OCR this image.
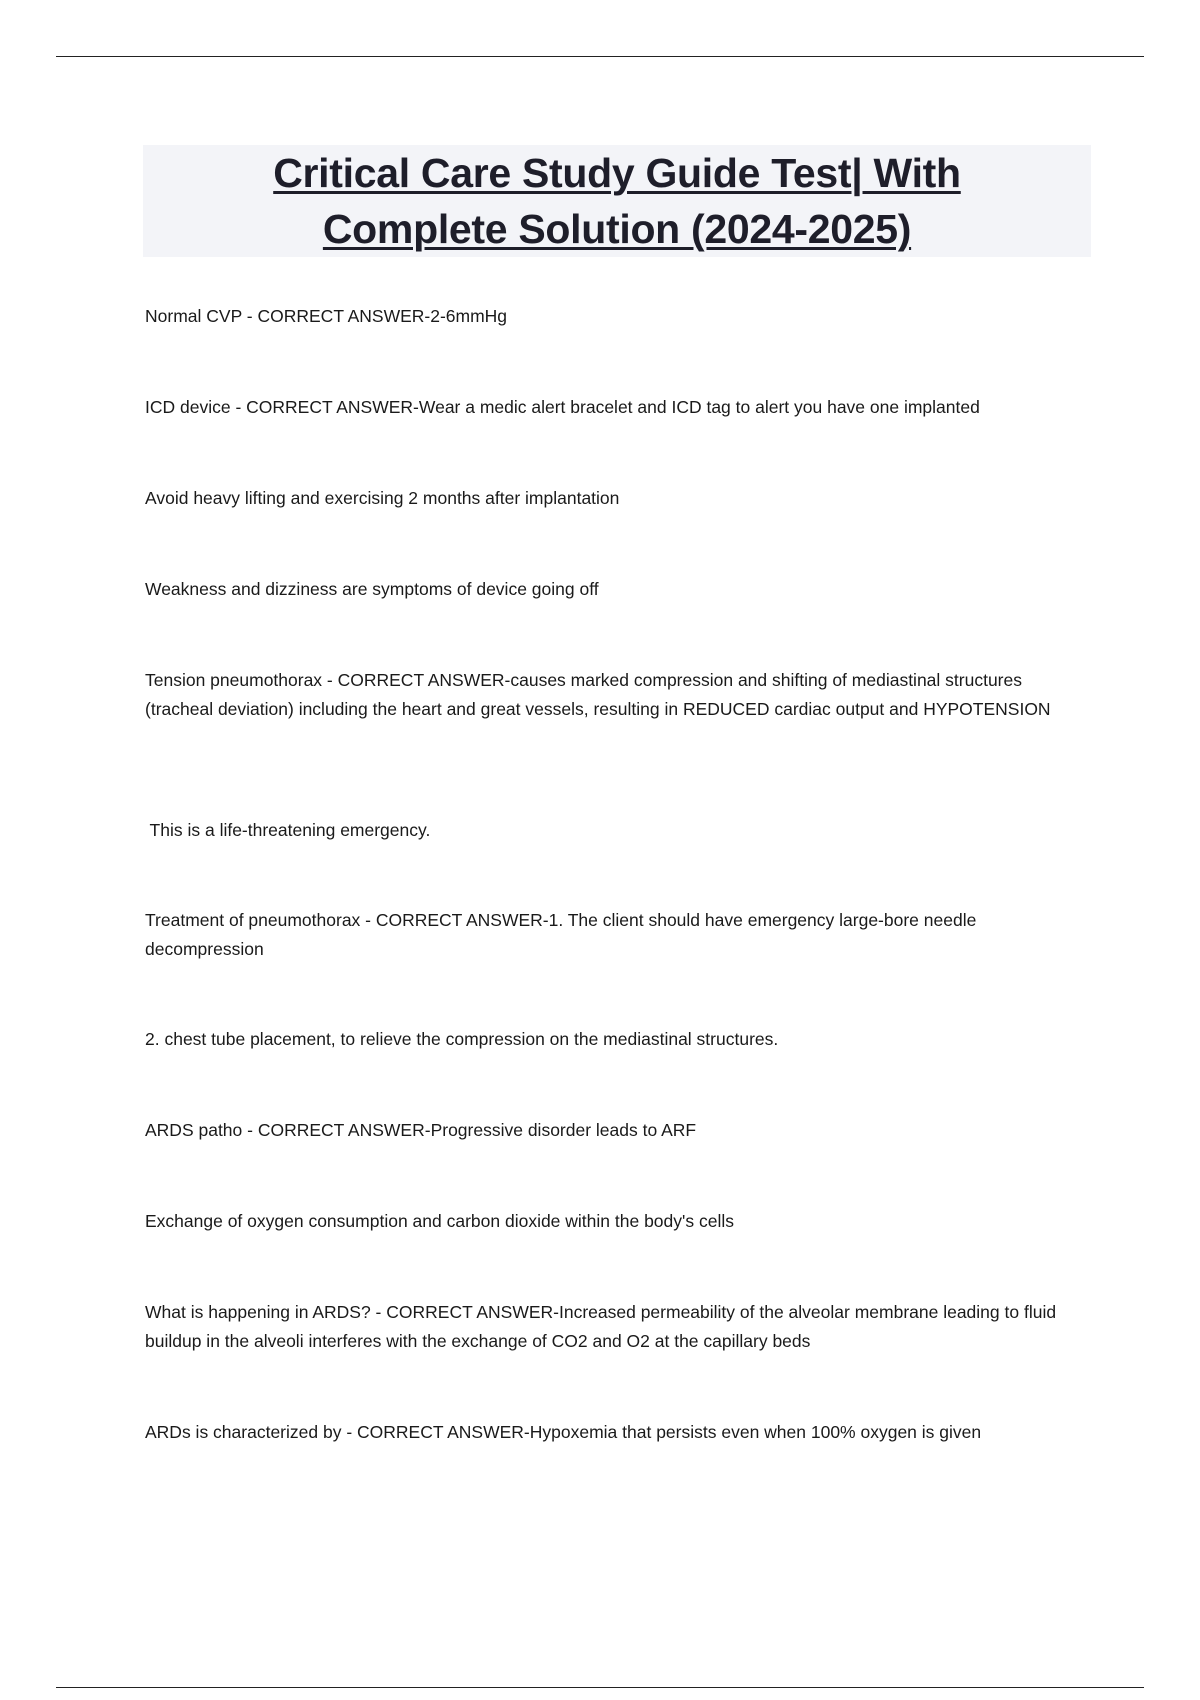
Critical Care Study Guide Test| With Complete Solution (2024-2025)

Normal CVP - CORRECT ANSWER-2-6mmHg

ICD device - CORRECT ANSWER-Wear a medic alert bracelet and ICD tag to alert you have one implanted

Avoid heavy lifting and exercising 2 months after implantation

Weakness and dizziness are symptoms of device going off

Tension pneumothorax - CORRECT ANSWER-causes marked compression and shifting of mediastinal structures (tracheal deviation) including the heart and great vessels, resulting in REDUCED cardiac output and HYPOTENSION

This is a life-threatening emergency.

Treatment of pneumothorax - CORRECT ANSWER-1. The client should have emergency large-bore needle decompression

2. chest tube placement, to relieve the compression on the mediastinal structures.

ARDS patho - CORRECT ANSWER-Progressive disorder leads to ARF

Exchange of oxygen consumption and carbon dioxide within the body's cells

What is happening in ARDS? - CORRECT ANSWER-Increased permeability of the alveolar membrane leading to fluid buildup in the alveoli interferes with the exchange of CO2 and O2 at the capillary beds

ARDs is characterized by - CORRECT ANSWER-Hypoxemia that persists even when 100% oxygen is given
